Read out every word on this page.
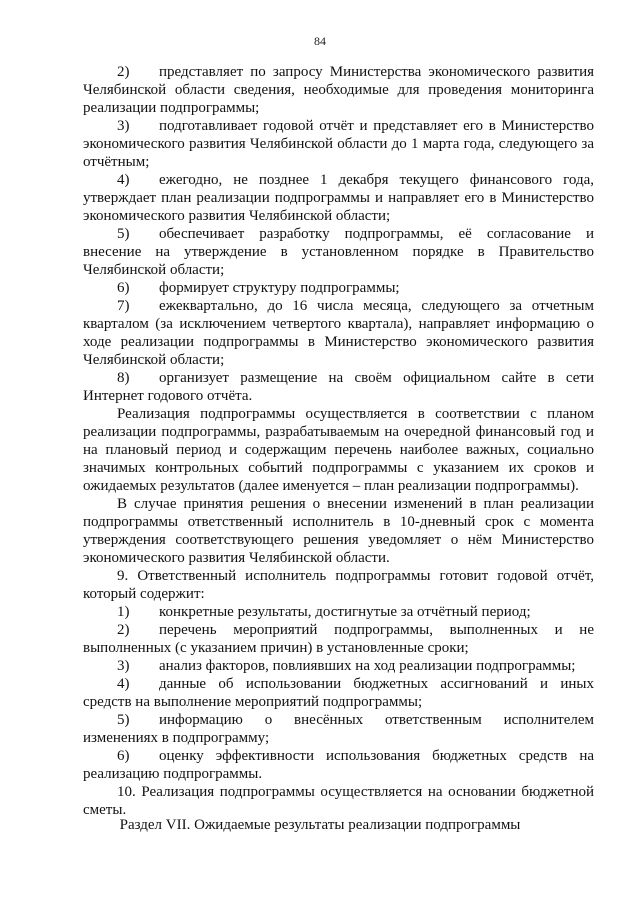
84

2) представляет по запросу Министерства экономического развития Челябинской области сведения, необходимые для проведения мониторинга реализации подпрограммы;

3) подготавливает годовой отчёт и представляет его в Министерство экономического развития Челябинской области до 1 марта года, следующего за отчётным;

4) ежегодно, не позднее 1 декабря текущего финансового года, утверждает план реализации подпрограммы и направляет его в Министерство экономического развития Челябинской области;

5) обеспечивает разработку подпрограммы, её согласование и внесение на утверждение в установленном порядке в Правительство Челябинской области;

6) формирует структуру подпрограммы;

7) ежеквартально, до 16 числа месяца, следующего за отчетным кварталом (за исключением четвертого квартала), направляет информацию о ходе реализации подпрограммы в Министерство экономического развития Челябинской области;

8) организует размещение на своём официальном сайте в сети Интернет годового отчёта.

Реализация подпрограммы осуществляется в соответствии с планом реализации подпрограммы, разрабатываемым на очередной финансовый год и на плановый период и содержащим перечень наиболее важных, социально значимых контрольных событий подпрограммы с указанием их сроков и ожидаемых результатов (далее именуется – план реализации подпрограммы).

В случае принятия решения о внесении изменений в план реализации подпрограммы ответственный исполнитель в 10-дневный срок с момента утверждения соответствующего решения уведомляет о нём Министерство экономического развития Челябинской области.

9. Ответственный исполнитель подпрограммы готовит годовой отчёт, который содержит:

1) конкретные результаты, достигнутые за отчётный период;

2) перечень мероприятий подпрограммы, выполненных и не выполненных (с указанием причин) в установленные сроки;

3) анализ факторов, повлиявших на ход реализации подпрограммы;

4) данные об использовании бюджетных ассигнований и иных средств на выполнение мероприятий подпрограммы;

5) информацию о внесённых ответственным исполнителем изменениях в подпрограмму;

6) оценку эффективности использования бюджетных средств на реализацию подпрограммы.

10. Реализация подпрограммы осуществляется на основании бюджетной сметы.

Раздел VII. Ожидаемые результаты реализации подпрограммы
